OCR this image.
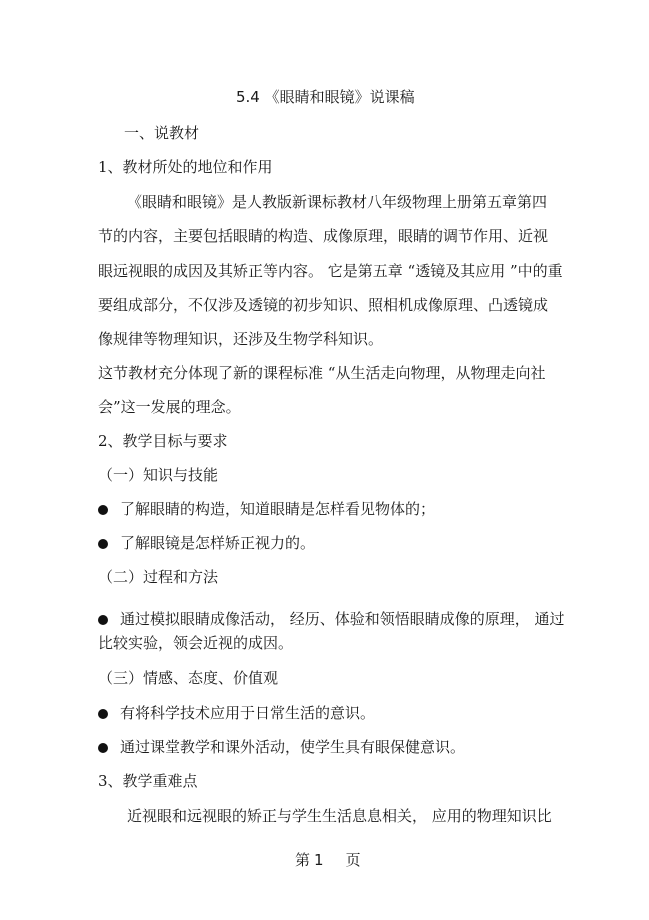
5.4 《眼睛和眼镜》说课稿

一、说教材

1、教材所处的地位和作用

《眼睛和眼镜》是人教版新课标教材八年级物理上册第五章第四

节的内容，主要包括眼睛的构造、成像原理，眼睛的调节作用、近视

眼远视眼的成因及其矫正等内容。 它是第五章 “透镜及其应用 ”中的重

要组成部分，不仅涉及透镜的初步知识、照相机成像原理、凸透镜成

像规律等物理知识，还涉及生物学科知识。

这节教材充分体现了新的课程标准 “从生活走向物理，从物理走向社

会”这一发展的理念。

2、教学目标与要求

（一）知识与技能

了解眼睛的构造，知道眼睛是怎样看见物体的；

了解眼镜是怎样矫正视力的。

（二）过程和方法

通过模拟眼睛成像活动， 经历、体验和领悟眼睛成像的原理， 通过

比较实验，领会近视的成因。

（三）情感、态度、价值观

有将科学技术应用于日常生活的意识。

通过课堂教学和课外活动，使学生具有眼保健意识。

3、教学重难点

近视眼和远视眼的矫正与学生生活息息相关， 应用的物理知识比

第 1 页
